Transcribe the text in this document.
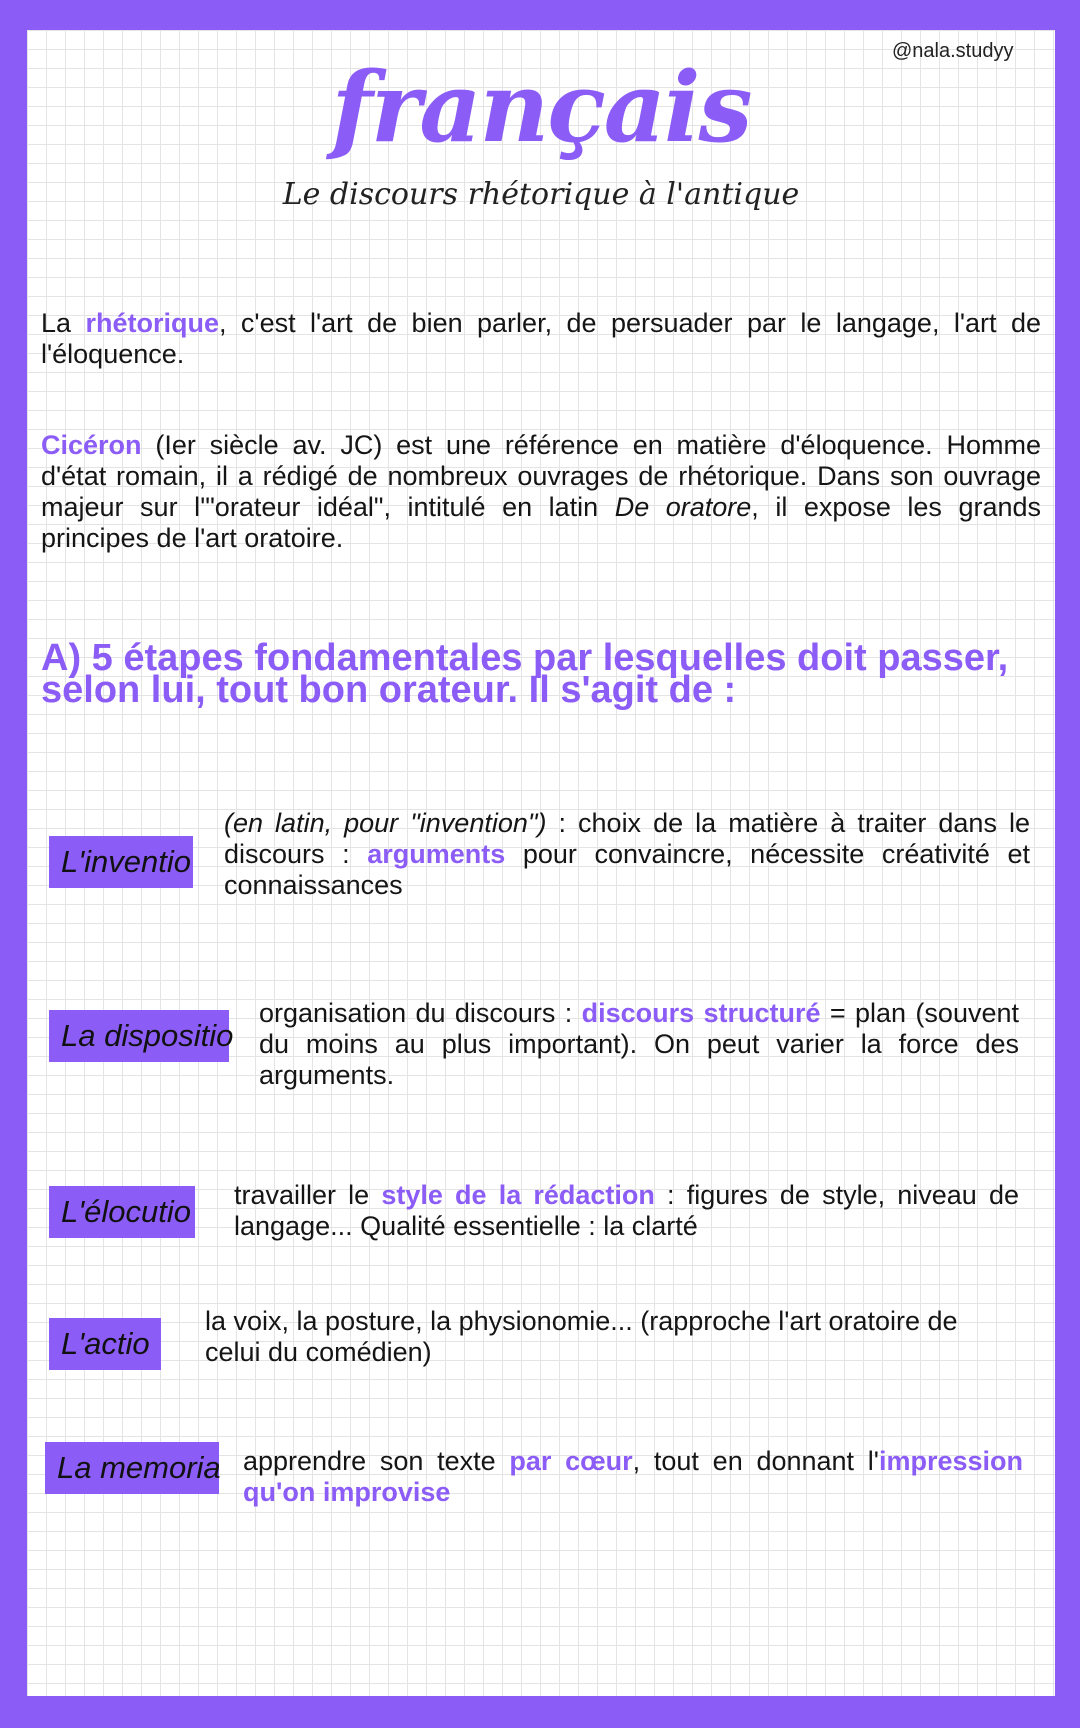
@nala.studyy
français
Le discours rhétorique à l'antique
La rhétorique, c'est l'art de bien parler, de persuader par le langage, l'art de l'éloquence.
Cicéron (Ier siècle av. JC) est une référence en matière d'éloquence. Homme d'état romain, il a rédigé de nombreux ouvrages de rhétorique. Dans son ouvrage majeur sur l'"orateur idéal", intitulé en latin De oratore, il expose les grands principes de l'art oratoire.
A) 5 étapes fondamentales par lesquelles doit passer, selon lui, tout bon orateur. Il s'agit de :
L'inventio
(en latin, pour "invention") : choix de la matière à traiter dans le discours : arguments pour convaincre, nécessite créativité et connaissances
La dispositio
organisation du discours : discours structuré = plan (souvent du moins au plus important). On peut varier la force des arguments.
L'élocutio travailler le style de la rédaction : figures de style, niveau de langage... Qualité essentielle : la clarté
L'actio
la voix, la posture, la physionomie... (rapproche l'art oratoire de celui du comédien)
La memoria apprendre son texte par cœur, tout en donnant l'impression qu'on improvise
